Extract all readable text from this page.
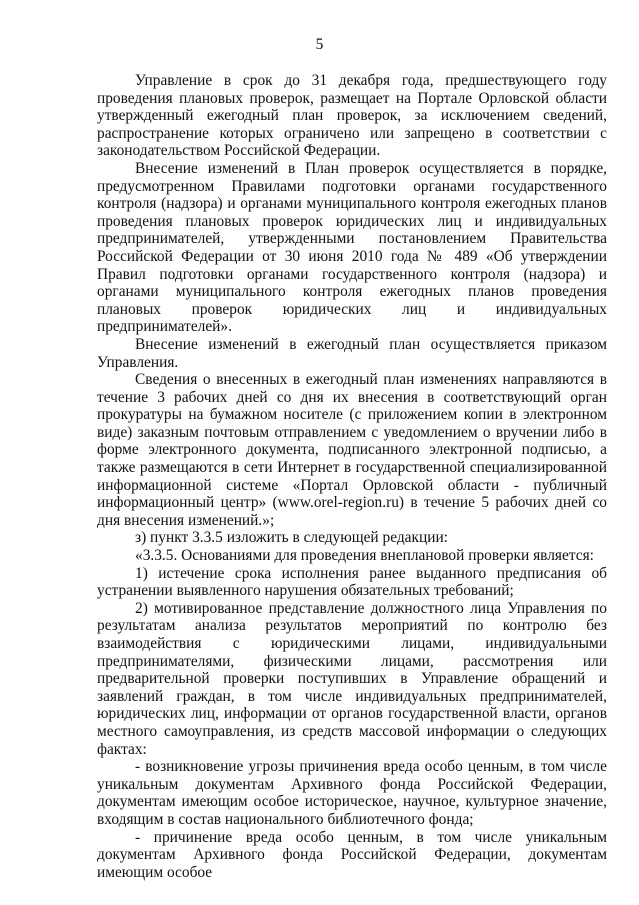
5

Управление в срок до 31 декабря года, предшествующего году проведения плановых проверок, размещает на Портале Орловской области утвержденный ежегодный план проверок, за исключением сведений, распространение которых ограничено или запрещено в соответствии с законодательством Российской Федерации.

Внесение изменений в План проверок осуществляется в порядке, предусмотренном Правилами подготовки органами государственного контроля (надзора) и органами муниципального контроля ежегодных планов проведения плановых проверок юридических лиц и индивидуальных предпринимателей, утвержденными постановлением Правительства Российской Федерации от 30 июня 2010 года № 489 «Об утверждении Правил подготовки органами государственного контроля (надзора) и органами муниципального контроля ежегодных планов проведения плановых проверок юридических лиц и индивидуальных предпринимателей».

Внесение изменений в ежегодный план осуществляется приказом Управления.

Сведения о внесенных в ежегодный план изменениях направляются в течение 3 рабочих дней со дня их внесения в соответствующий орган прокуратуры на бумажном носителе (с приложением копии в электронном виде) заказным почтовым отправлением с уведомлением о вручении либо в форме электронного документа, подписанного электронной подписью, а также размещаются в сети Интернет в государственной специализированной информационной системе «Портал Орловской области - публичный информационный центр» (www.orel-region.ru) в течение 5 рабочих дней со дня внесения изменений.»;

з) пункт 3.3.5 изложить в следующей редакции:

«3.3.5. Основаниями для проведения внеплановой проверки является:

1) истечение срока исполнения ранее выданного предписания об устранении выявленного нарушения обязательных требований;

2) мотивированное представление должностного лица Управления по результатам анализа результатов мероприятий по контролю без взаимодействия с юридическими лицами, индивидуальными предпринимателями, физическими лицами, рассмотрения или предварительной проверки поступивших в Управление обращений и заявлений граждан, в том числе индивидуальных предпринимателей, юридических лиц, информации от органов государственной власти, органов местного самоуправления, из средств массовой информации о следующих фактах:

- возникновение угрозы причинения вреда особо ценным, в том числе уникальным документам Архивного фонда Российской Федерации, документам имеющим особое историческое, научное, культурное значение, входящим в состав национального библиотечного фонда;

- причинение вреда особо ценным, в том числе уникальным документам Архивного фонда Российской Федерации, документам имеющим особое
